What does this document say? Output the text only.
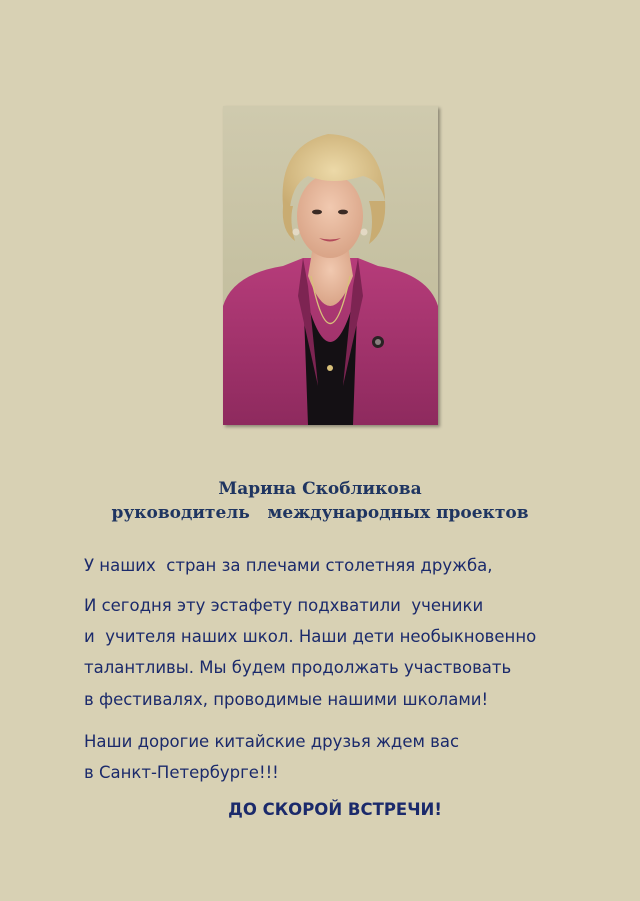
Марина Скобликова

руководитель   международных проектов

У наших  стран за плечами столетняя дружба,

И сегодня эту эстафету подхватили  ученики

и  учителя наших школ. Наши дети необыкновенно

талантливы. Мы будем продолжать участвовать

в фестивалях, проводимые нашими школами!

Наши дорогие китайские друзья ждем вас

в Санкт-Петербурге!!!

ДО СКОРОЙ ВСТРЕЧИ!
